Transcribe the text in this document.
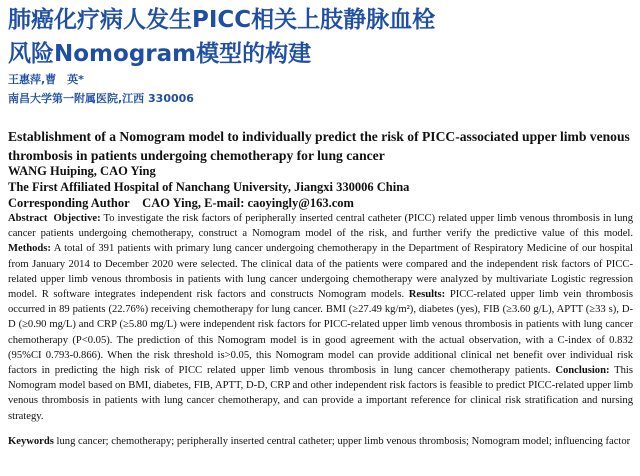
肺癌化疗病人发生PICC相关上肢静脉血栓
风险Nomogram模型的构建
王惠萍,曹　英*
南昌大学第一附属医院,江西 330006
Establishment of a Nomogram model to individually predict the risk of PICC-associated upper limb venous thrombosis in patients undergoing chemotherapy for lung cancer
WANG Huiping, CAO Ying
The First Affiliated Hospital of Nanchang University, Jiangxi 330006 China
Corresponding Author CAO Ying, E-mail: caoyingly@163.com
Abstract Objective: To investigate the risk factors of peripherally inserted central catheter (PICC) related upper limb venous thrombosis in lung cancer patients undergoing chemotherapy, construct a Nomogram model of the risk, and further verify the predictive value of this model. Methods: A total of 391 patients with primary lung cancer undergoing chemotherapy in the Department of Respiratory Medicine of our hospital from January 2014 to December 2020 were selected. The clinical data of the patients were compared and the independent risk factors of PICC-related upper limb venous thrombosis in patients with lung cancer undergoing chemotherapy were analyzed by multivariate Logistic regression model. R software integrates independent risk factors and constructs Nomogram models. Results: PICC-related upper limb vein thrombosis occurred in 89 patients (22.76%) receiving chemotherapy for lung cancer. BMI (≥27.49 kg/m²), diabetes (yes), FIB (≥3.60 g/L), APTT (≥33 s), D-D (≥0.90 mg/L) and CRP (≥5.80 mg/L) were independent risk factors for PICC-related upper limb venous thrombosis in patients with lung cancer chemotherapy (P<0.05). The prediction of this Nomogram model is in good agreement with the actual observation, with a C-index of 0.832 (95%CI 0.793-0.866). When the risk threshold is>0.05, this Nomogram model can provide additional clinical net benefit over individual risk factors in predicting the high risk of PICC related upper limb venous thrombosis in lung cancer chemotherapy patients. Conclusion: This Nomogram model based on BMI, diabetes, FIB, APTT, D-D, CRP and other independent risk factors is feasible to predict PICC-related upper limb venous thrombosis in patients with lung cancer chemotherapy, and can provide a important reference for clinical risk stratification and nursing strategy.
Keywords lung cancer; chemotherapy; peripherally inserted central catheter; upper limb venous thrombosis; Nomogram model; influencing factor
